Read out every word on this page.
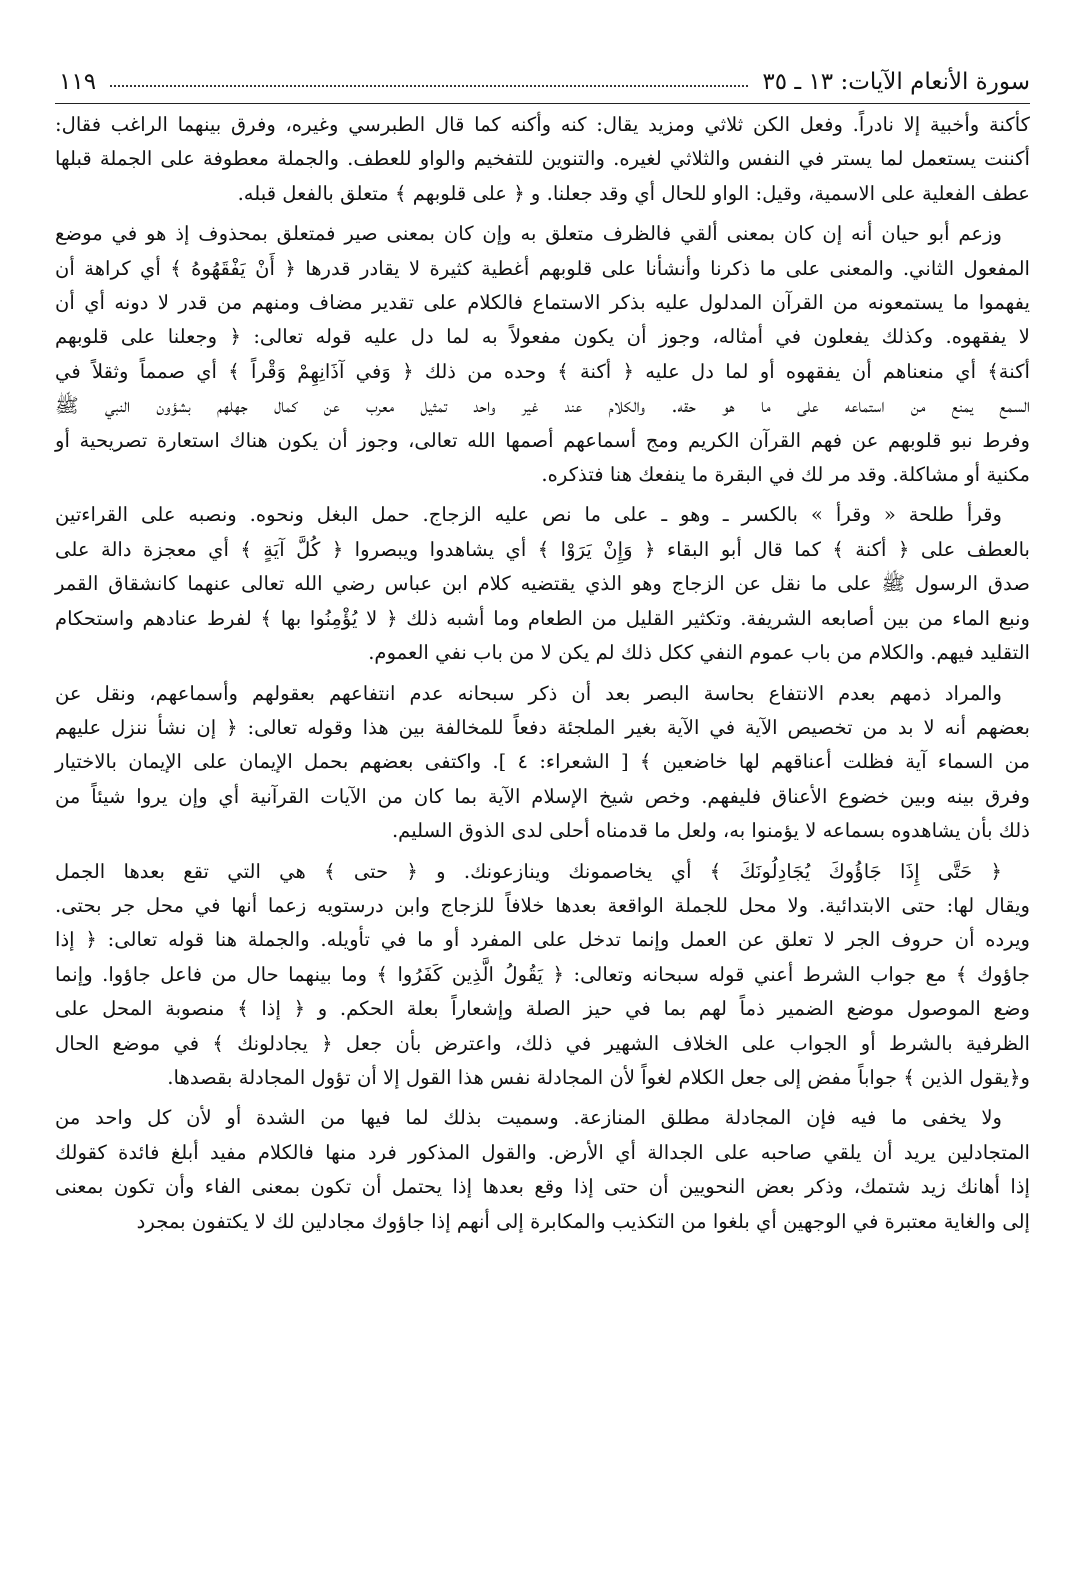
سورة الأنعام الآيات: ١٣ ـ ٣٥
١١٩
كأكنة وأخبية إلا نادراً. وفعل الكن ثلاثي ومزيد يقال: كنه وأكنه كما قال الطبرسي وغيره، وفرق بينهما الراغب فقال:
أكننت يستعمل لما يستر في النفس والثلاثي لغيره. والتنوين للتفخيم والواو للعطف. والجملة معطوفة على الجملة قبلها
عطف الفعلية على الاسمية، وقيل: الواو للحال أي وقد جعلنا. و ﴿ على قلوبهم ﴾ متعلق بالفعل قبله.
وزعم أبو حيان أنه إن كان بمعنى ألقي فالظرف متعلق به وإن كان بمعنى صير فمتعلق بمحذوف إذ هو في موضع
المفعول الثاني. والمعنى على ما ذكرنا وأنشأنا على قلوبهم أغطية كثيرة لا يقادر قدرها ﴿ أَنْ يَفْقَهُوهُ ﴾ أي كراهة أن
يفهموا ما يستمعونه من القرآن المدلول عليه بذكر الاستماع فالكلام على تقدير مضاف ومنهم من قدر لا دونه أي أن
لا يفقهوه. وكذلك يفعلون في أمثاله، وجوز أن يكون مفعولاً به لما دل عليه قوله تعالى: ﴿ وجعلنا على قلوبهم
أكنة﴾ أي منعناهم أن يفقهوه أو لما دل عليه ﴿ أكنة ﴾ وحده من ذلك ﴿ وَفي آذَانِهِمْ وَقْراً ﴾ أي صمماً وثقلاً في
السمع يمنع من استماعه على ما هو حقه. والكلام عند غير واحد تمثيل معرب عن كمال جهلهم بشؤون النبي ﷺ
وفرط نبو قلوبهم عن فهم القرآن الكريم ومج أسماعهم أصمها الله تعالى، وجوز أن يكون هناك استعارة تصريحية أو
مكنية أو مشاكلة. وقد مر لك في البقرة ما ينفعك هنا فتذكره.
وقرأ طلحة « وقرأ » بالكسر ـ وهو ـ على ما نص عليه الزجاج. حمل البغل ونحوه. ونصبه على القراءتين
بالعطف على ﴿ أكنة ﴾ كما قال أبو البقاء ﴿ وَإِنْ يَرَوْا ﴾ أي يشاهدوا ويبصروا ﴿ كُلَّ آيَةٍ ﴾ أي معجزة دالة على
صدق الرسول ﷺ على ما نقل عن الزجاج وهو الذي يقتضيه كلام ابن عباس رضي الله تعالى عنهما كانشقاق القمر
ونبع الماء من بين أصابعه الشريفة. وتكثير القليل من الطعام وما أشبه ذلك ﴿ لا يُؤْمِنُوا بها ﴾ لفرط عنادهم واستحكام
التقليد فيهم. والكلام من باب عموم النفي ككل ذلك لم يكن لا من باب نفي العموم.
والمراد ذمهم بعدم الانتفاع بحاسة البصر بعد أن ذكر سبحانه عدم انتفاعهم بعقولهم وأسماعهم، ونقل عن
بعضهم أنه لا بد من تخصيص الآية في الآية بغير الملجئة دفعاً للمخالفة بين هذا وقوله تعالى: ﴿ إن نشأ ننزل عليهم
من السماء آية فظلت أعناقهم لها خاضعين ﴾ [ الشعراء: ٤ ]. واكتفى بعضهم بحمل الإيمان على الإيمان بالاختيار
وفرق بينه وبين خضوع الأعناق فليفهم. وخص شيخ الإسلام الآية بما كان من الآيات القرآنية أي وإن يروا شيئاً من
ذلك بأن يشاهدوه بسماعه لا يؤمنوا به، ولعل ما قدمناه أحلى لدى الذوق السليم.
﴿ حَتَّى إِذَا جَاؤُوكَ يُجَادِلُونَكَ ﴾ أي يخاصمونك وينازعونك. و ﴿ حتى ﴾ هي التي تقع بعدها الجمل
ويقال لها: حتى الابتدائية. ولا محل للجملة الواقعة بعدها خلافاً للزجاج وابن درستويه زعما أنها في محل جر بحتى.
ويرده أن حروف الجر لا تعلق عن العمل وإنما تدخل على المفرد أو ما في تأويله. والجملة هنا قوله تعالى: ﴿ إذا
جاؤوك ﴾ مع جواب الشرط أعني قوله سبحانه وتعالى: ﴿ يَقُولُ الَّذِين كَفَرُوا ﴾ وما بينهما حال من فاعل جاؤوا. وإنما
وضع الموصول موضع الضمير ذماً لهم بما في حيز الصلة وإشعاراً بعلة الحكم. و ﴿ إذا ﴾ منصوبة المحل على
الظرفية بالشرط أو الجواب على الخلاف الشهير في ذلك، واعترض بأن جعل ﴿ يجادلونك ﴾ في موضع الحال
و﴿يقول الذين ﴾ جواباً مفض إلى جعل الكلام لغواً لأن المجادلة نفس هذا القول إلا أن تؤول المجادلة بقصدها.
ولا يخفى ما فيه فإن المجادلة مطلق المنازعة. وسميت بذلك لما فيها من الشدة أو لأن كل واحد من
المتجادلين يريد أن يلقي صاحبه على الجدالة أي الأرض. والقول المذكور فرد منها فالكلام مفيد أبلغ فائدة كقولك
إذا أهانك زيد شتمك، وذكر بعض النحويين أن حتى إذا وقع بعدها إذا يحتمل أن تكون بمعنى الفاء وأن تكون بمعنى
إلى والغاية معتبرة في الوجهين أي بلغوا من التكذيب والمكابرة إلى أنهم إذا جاؤوك مجادلين لك لا يكتفون بمجرد
